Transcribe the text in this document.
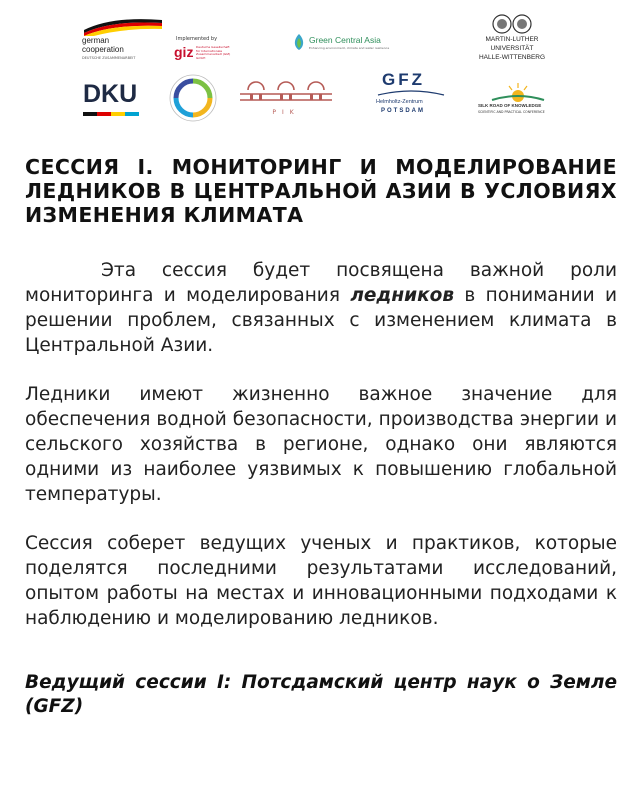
german
cooperation
DEUTSCHE ZUSAMMENARBEIT
Implemented by
giz Deutsche Gesellschaft für Internationale Zusammenarbeit (GIZ) GmbH
Green Central Asia
Enhancing environment, climate and water resilience
MARTIN-LUTHER
UNIVERSITÄT
HALLE-WITTENBERG
DKU
PIK
GFZ
Helmholtz-Zentrum
POTSDAM
SILK ROAD OF KNOWLEDGE
SCIENTIFIC AND PRACTICAL CONFERENCE
СЕССИЯ I. МОНИТОРИНГ И МОДЕЛИРОВАНИЕ ЛЕДНИКОВ В ЦЕНТРАЛЬНОЙ АЗИИ В УСЛОВИЯХ ИЗМЕНЕНИЯ КЛИМАТА

Эта сессия будет посвящена важной роли мониторинга и моделирования ледников в понимании и решении проблем, связанных с изменением климата в Центральной Азии.

Ледники имеют жизненно важное значение для обеспечения водной безопасности, производства энергии и сельского хозяйства в регионе, однако они являются одними из наиболее уязвимых к повышению глобальной температуры.

Сессия соберет ведущих ученых и практиков, которые поделятся последними результатами исследований, опытом работы на местах и инновационными подходами к наблюдению и моделированию ледников.

Ведущий сессии I: Потсдамский центр наук о Земле (GFZ)
